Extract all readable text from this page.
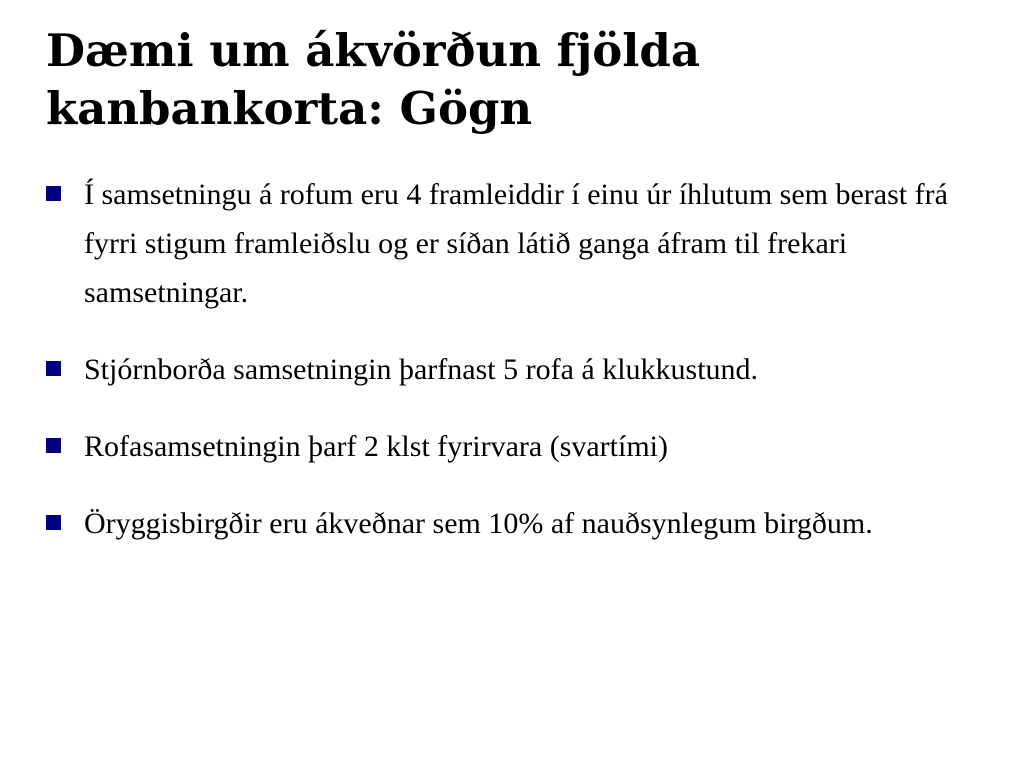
Dæmi um ákvörðun fjölda kanbankorta: Gögn
Í samsetningu á rofum eru 4 framleiddir í einu úr íhlutum sem berast frá fyrri stigum framleiðslu og er síðan látið ganga áfram til frekari samsetningar.
Stjórnborða samsetningin þarfnast 5 rofa á klukkustund.
Rofasamsetningin þarf 2 klst fyrirvara (svartími)
Öryggisbirgðir eru ákveðnar sem 10% af nauðsynlegum birgðum.
